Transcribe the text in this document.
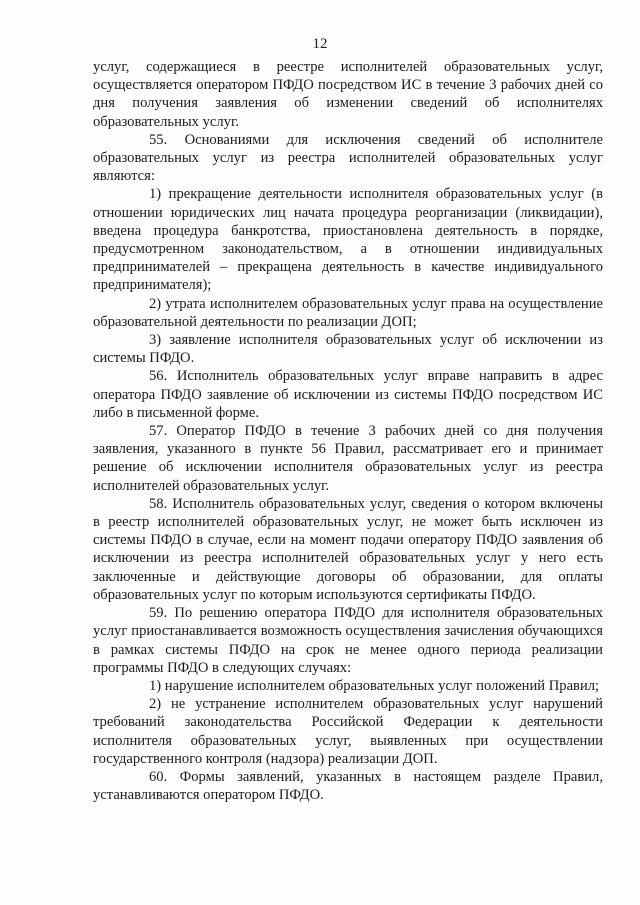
12

услуг, содержащиеся в реестре исполнителей образовательных услуг, осуществляется оператором ПФДО посредством ИС в течение 3 рабочих дней со дня получения заявления об изменении сведений об исполнителях образовательных услуг.

55. Основаниями для исключения сведений об исполнителе образовательных услуг из реестра исполнителей образовательных услуг являются:

1) прекращение деятельности исполнителя образовательных услуг (в отношении юридических лиц начата процедура реорганизации (ликвидации), введена процедура банкротства, приостановлена деятельность в порядке, предусмотренном законодательством, а в отношении индивидуальных предпринимателей – прекращена деятельность в качестве индивидуального предпринимателя);

2) утрата исполнителем образовательных услуг права на осуществление образовательной деятельности по реализации ДОП;

3) заявление исполнителя образовательных услуг об исключении из системы ПФДО.

56. Исполнитель образовательных услуг вправе направить в адрес оператора ПФДО заявление об исключении из системы ПФДО посредством ИС либо в письменной форме.

57. Оператор ПФДО в течение 3 рабочих дней со дня получения заявления, указанного в пункте 56 Правил, рассматривает его и принимает решение об исключении исполнителя образовательных услуг из реестра исполнителей образовательных услуг.

58. Исполнитель образовательных услуг, сведения о котором включены в реестр исполнителей образовательных услуг, не может быть исключен из системы ПФДО в случае, если на момент подачи оператору ПФДО заявления об исключении из реестра исполнителей образовательных услуг у него есть заключенные и действующие договоры об образовании, для оплаты образовательных услуг по которым используются сертификаты ПФДО.

59. По решению оператора ПФДО для исполнителя образовательных услуг приостанавливается возможность осуществления зачисления обучающихся в рамках системы ПФДО на срок не менее одного периода реализации программы ПФДО в следующих случаях:

1) нарушение исполнителем образовательных услуг положений Правил;

2) не устранение исполнителем образовательных услуг нарушений требований законодательства Российской Федерации к деятельности исполнителя образовательных услуг, выявленных при осуществлении государственного контроля (надзора) реализации ДОП.

60. Формы заявлений, указанных в настоящем разделе Правил, устанавливаются оператором ПФДО.
